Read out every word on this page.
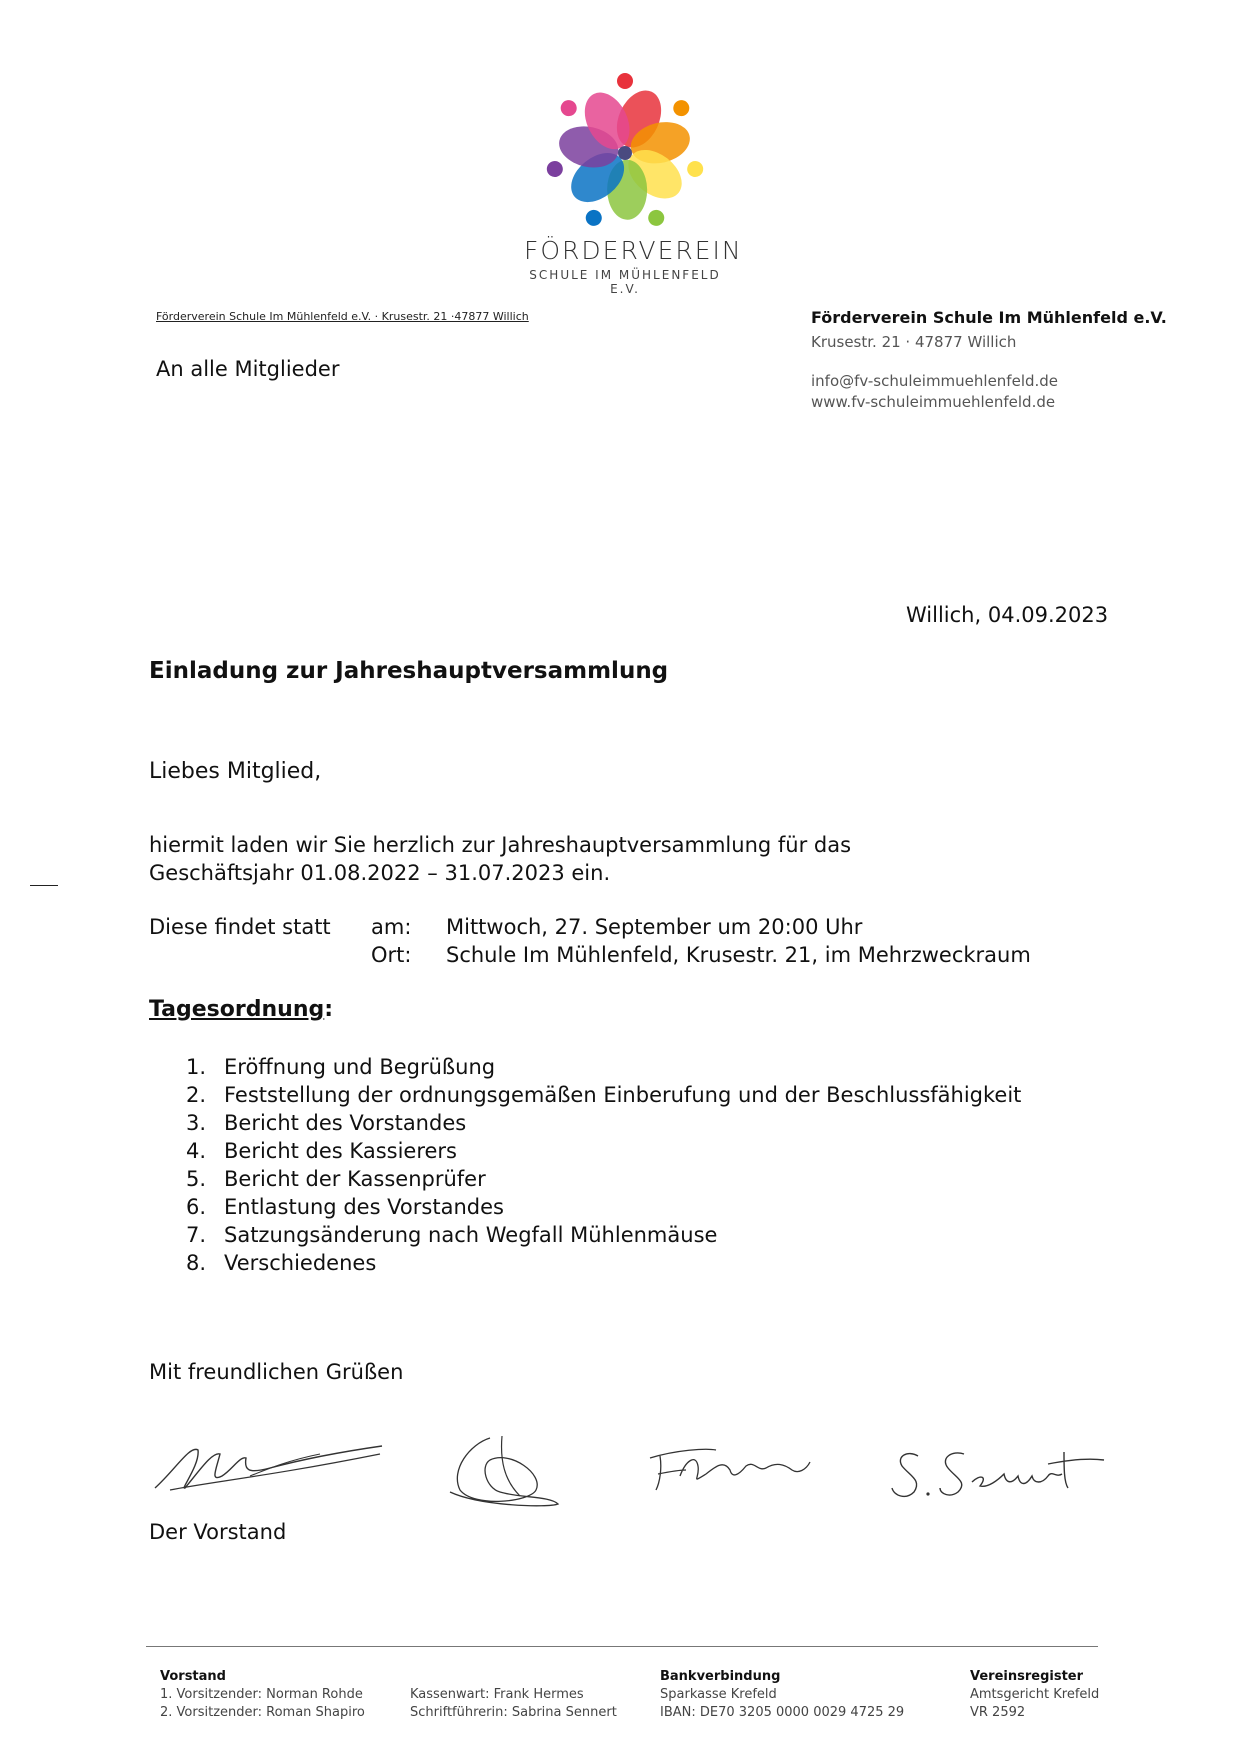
FÖRDERVEREIN
SCHULE IM MÜHLENFELD E.V.
Förderverein Schule Im Mühlenfeld e.V. · Krusestr. 21 ·47877 Willich
An alle Mitglieder
Förderverein Schule Im Mühlenfeld e.V.
Krusestr. 21 · 47877 Willich
info@fv-schuleimmuehlenfeld.de
www.fv-schuleimmuehlenfeld.de
Willich, 04.09.2023
Einladung zur Jahreshauptversammlung
Liebes Mitglied,
hiermit laden wir Sie herzlich zur Jahreshauptversammlung für das
Geschäftsjahr 01.08.2022 – 31.07.2023 ein.
Diese findet statt	am:	Mittwoch, 27. September um 20:00 Uhr
Ort:	Schule Im Mühlenfeld, Krusestr. 21, im Mehrzweckraum
Tagesordnung:
1. Eröffnung und Begrüßung
2. Feststellung der ordnungsgemäßen Einberufung und der Beschlussfähigkeit
3. Bericht des Vorstandes
4. Bericht des Kassierers
5. Bericht der Kassenprüfer
6. Entlastung des Vorstandes
7. Satzungsänderung nach Wegfall Mühlenmäuse
8. Verschiedenes
Mit freundlichen Grüßen
Der Vorstand
Vorstand
1. Vorsitzender: Norman Rohde
2. Vorsitzender: Roman Shapiro

Kassenwart: Frank Hermes
Schriftführerin: Sabrina Sennert
Bankverbindung
Sparkasse Krefeld
IBAN: DE70 3205 0000 0029 4725 29
Vereinsregister
Amtsgericht Krefeld
VR 2592
